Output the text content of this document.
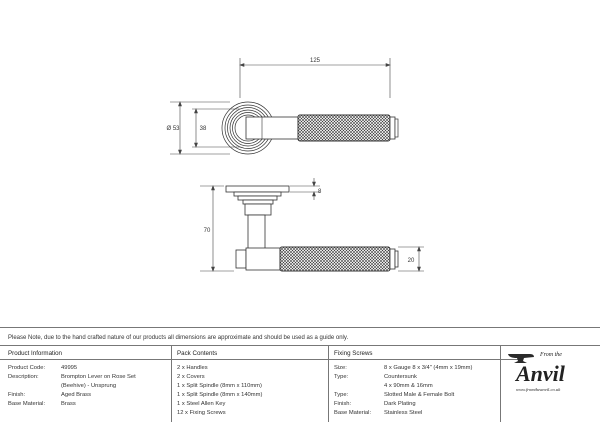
125
Ø 53	38
8
70
20
Please Note, due to the hand crafted nature of our products all dimensions are approximate and should be used as a guide only.
Product Information
Product Code:	49995
Description:	Brompton Lever on Rose Set
(Beehive) - Unsprung
Finish:	Aged Brass
Base Material:	Brass
Pack Contents
2 x Handles
2 x Covers
1 x Split Spindle (8mm x 110mm)
1 x Split Spindle (8mm x 140mm)
1 x Steel Allen Key
12 x Fixing Screws
Fixing Screws
Size:	8 x Gauge 8 x 3/4" (4mm x 19mm)
Type:	Countersunk
4 x 90mm & 16mm
Type:	Slotted Male & Female Bolt
Finish:	Dark Plating
Base Material: Stainless Steel
From the
Anvil
www.fromtheanvil.co.uk
